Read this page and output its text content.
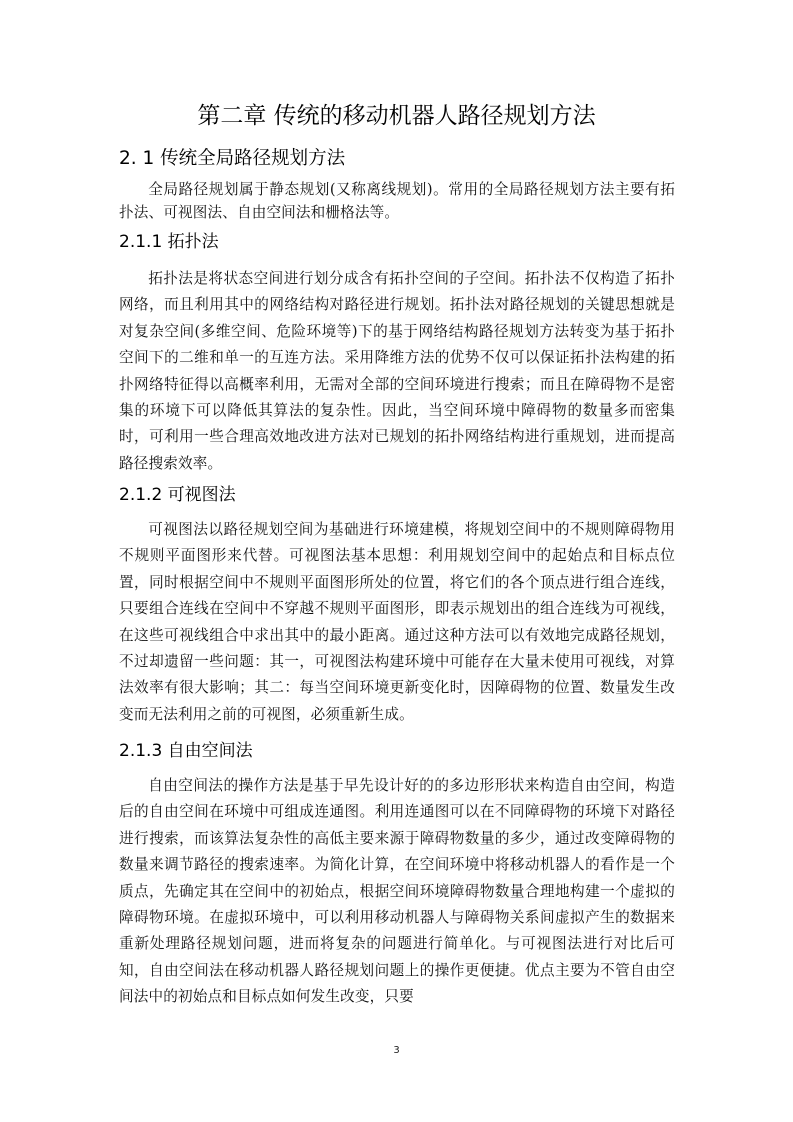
第二章 传统的移动机器人路径规划方法
2. 1 传统全局路径规划方法

全局路径规划属于静态规划(又称离线规划)。常用的全局路径规划方法主要有拓扑法、可视图法、自由空间法和栅格法等。

2.1.1 拓扑法

拓扑法是将状态空间进行划分成含有拓扑空间的子空间。拓扑法不仅构造了拓扑网络，而且利用其中的网络结构对路径进行规划。拓扑法对路径规划的关键思想就是对复杂空间(多维空间、危险环境等)下的基于网络结构路径规划方法转变为基于拓扑空间下的二维和单一的互连方法。采用降维方法的优势不仅可以保证拓扑法构建的拓扑网络特征得以高概率利用，无需对全部的空间环境进行搜索；而且在障碍物不是密集的环境下可以降低其算法的复杂性。因此，当空间环境中障碍物的数量多而密集时，可利用一些合理高效地改进方法对已规划的拓扑网络结构进行重规划，进而提高路径搜索效率。

2.1.2 可视图法

可视图法以路径规划空间为基础进行环境建模，将规划空间中的不规则障碍物用不规则平面图形来代替。可视图法基本思想：利用规划空间中的起始点和目标点位置，同时根据空间中不规则平面图形所处的位置，将它们的各个顶点进行组合连线，只要组合连线在空间中不穿越不规则平面图形，即表示规划出的组合连线为可视线，在这些可视线组合中求出其中的最小距离。通过这种方法可以有效地完成路径规划，不过却遗留一些问题：其一，可视图法构建环境中可能存在大量未使用可视线，对算法效率有很大影响；其二：每当空间环境更新变化时，因障碍物的位置、数量发生改变而无法利用之前的可视图，必须重新生成。

2.1.3 自由空间法

自由空间法的操作方法是基于早先设计好的的多边形形状来构造自由空间，构造后的自由空间在环境中可组成连通图。利用连通图可以在不同障碍物的环境下对路径进行搜索，而该算法复杂性的高低主要来源于障碍物数量的多少，通过改变障碍物的数量来调节路径的搜索速率。为简化计算，在空间环境中将移动机器人的看作是一个质点，先确定其在空间中的初始点，根据空间环境障碍物数量合理地构建一个虚拟的障碍物环境。在虚拟环境中，可以利用移动机器人与障碍物关系间虚拟产生的数据来重新处理路径规划问题，进而将复杂的问题进行简单化。与可视图法进行对比后可知，自由空间法在移动机器人路径规划问题上的操作更便捷。优点主要为不管自由空间法中的初始点和目标点如何发生改变，只要

3
